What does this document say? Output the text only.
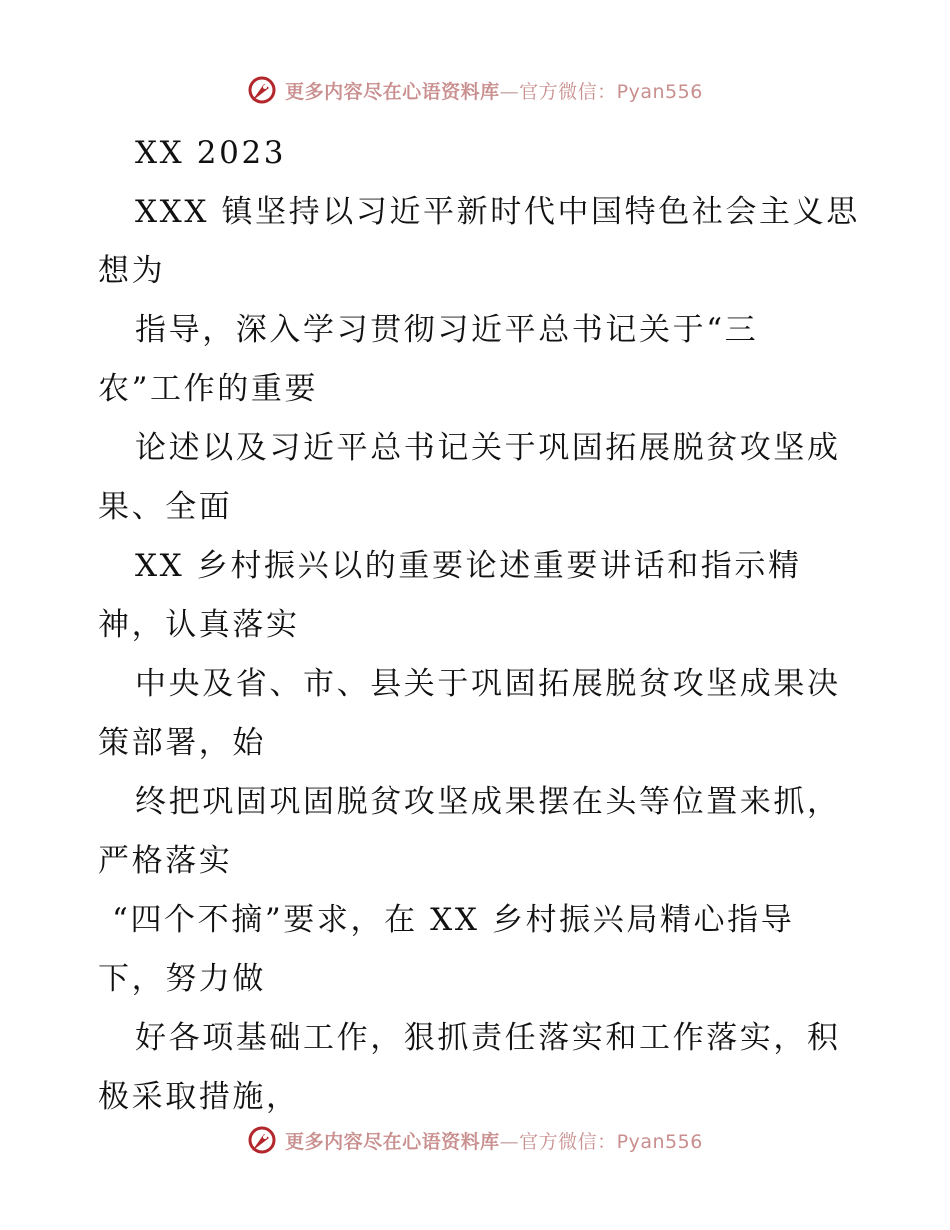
更多内容尽在心语资料库—官方微信：Pyan556

XX 2023

XXX 镇坚持以习近平新时代中国特色社会主义思

想为

指导，深入学习贯彻习近平总书记关于“三

农”工作的重要

论述以及习近平总书记关于巩固拓展脱贫攻坚成

果、全面

XX 乡村振兴以的重要论述重要讲话和指示精

神，认真落实

中央及省、市、县关于巩固拓展脱贫攻坚成果决

策部署，始

终把巩固巩固脱贫攻坚成果摆在头等位置来抓，

严格落实

“四个不摘”要求，在 XX 乡村振兴局精心指导

下，努力做

好各项基础工作，狠抓责任落实和工作落实，积

极采取措施，

更多内容尽在心语资料库—官方微信：Pyan556
